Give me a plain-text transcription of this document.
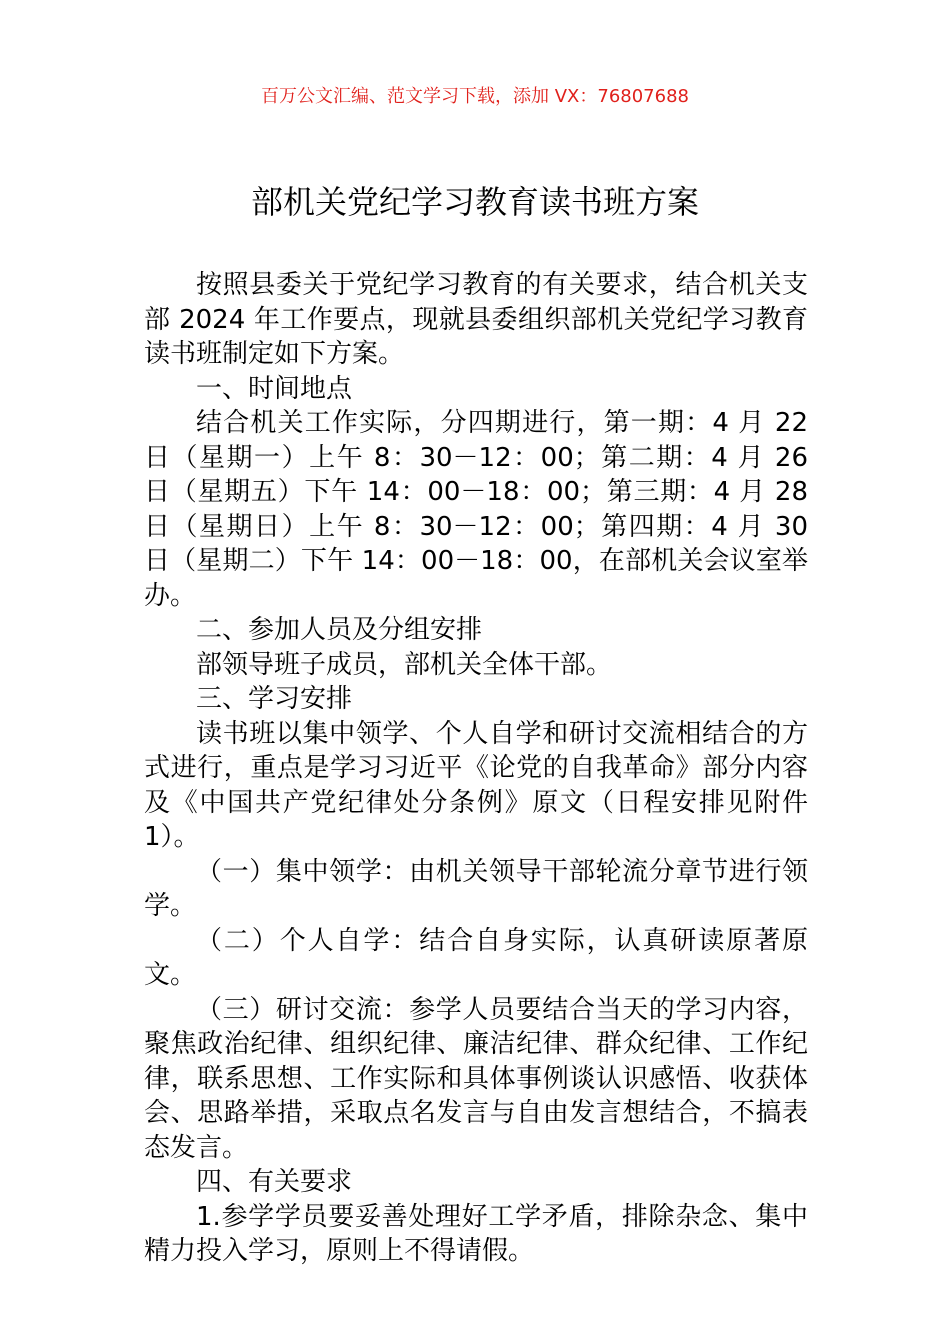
百万公文汇编、范文学习下载，添加 VX：76807688
部机关党纪学习教育读书班方案

按照县委关于党纪学习教育的有关要求，结合机关支部 2024 年工作要点，现就县委组织部机关党纪学习教育读书班制定如下方案。

一、时间地点

结合机关工作实际，分四期进行，第一期：4 月 22 日（星期一）上午 8：30－12：00；第二期：4 月 26 日（星期五）下午 14：00－18：00；第三期：4 月 28 日（星期日）上午 8：30－12：00；第四期：4 月 30 日（星期二）下午 14：00－18：00，在部机关会议室举办。

二、参加人员及分组安排

部领导班子成员，部机关全体干部。

三、学习安排

读书班以集中领学、个人自学和研讨交流相结合的方式进行，重点是学习习近平《论党的自我革命》部分内容及《中国共产党纪律处分条例》原文（日程安排见附件 1）。

（一）集中领学：由机关领导干部轮流分章节进行领学。

（二）个人自学：结合自身实际，认真研读原著原文。

（三）研讨交流：参学人员要结合当天的学习内容，聚焦政治纪律、组织纪律、廉洁纪律、群众纪律、工作纪律，联系思想、工作实际和具体事例谈认识感悟、收获体会、思路举措，采取点名发言与自由发言想结合，不搞表态发言。

四、有关要求

1.参学学员要妥善处理好工学矛盾，排除杂念、集中精力投入学习，原则上不得请假。
